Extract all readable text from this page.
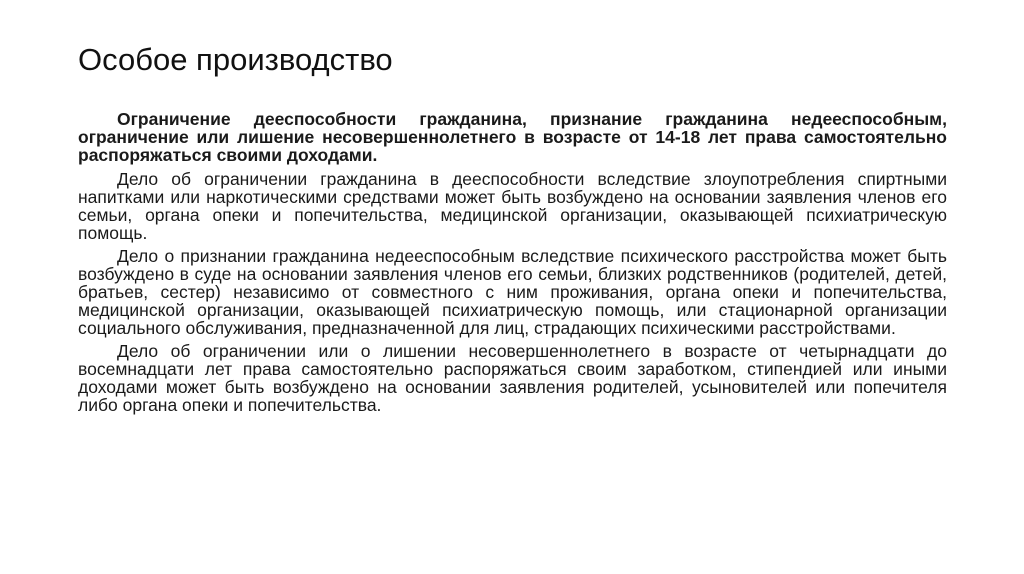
Особое производство

Ограничение дееспособности гражданина, признание гражданина недееспособным, ограничение или лишение несовершеннолетнего в возрасте от 14-18 лет права самостоятельно распоряжаться своими доходами.

Дело об ограничении гражданина в дееспособности вследствие злоупотребления спиртными напитками или наркотическими средствами может быть возбуждено на основании заявления членов его семьи, органа опеки и попечительства, медицинской организации, оказывающей психиатрическую помощь.

Дело о признании гражданина недееспособным вследствие психического расстройства может быть возбуждено в суде на основании заявления членов его семьи, близких родственников (родителей, детей, братьев, сестер) независимо от совместного с ним проживания, органа опеки и попечительства, медицинской организации, оказывающей психиатрическую помощь, или стационарной организации социального обслуживания, предназначенной для лиц, страдающих психическими расстройствами.

Дело об ограничении или о лишении несовершеннолетнего в возрасте от четырнадцати до восемнадцати лет права самостоятельно распоряжаться своим заработком, стипендией или иными доходами может быть возбуждено на основании заявления родителей, усыновителей или попечителя либо органа опеки и попечительства.
